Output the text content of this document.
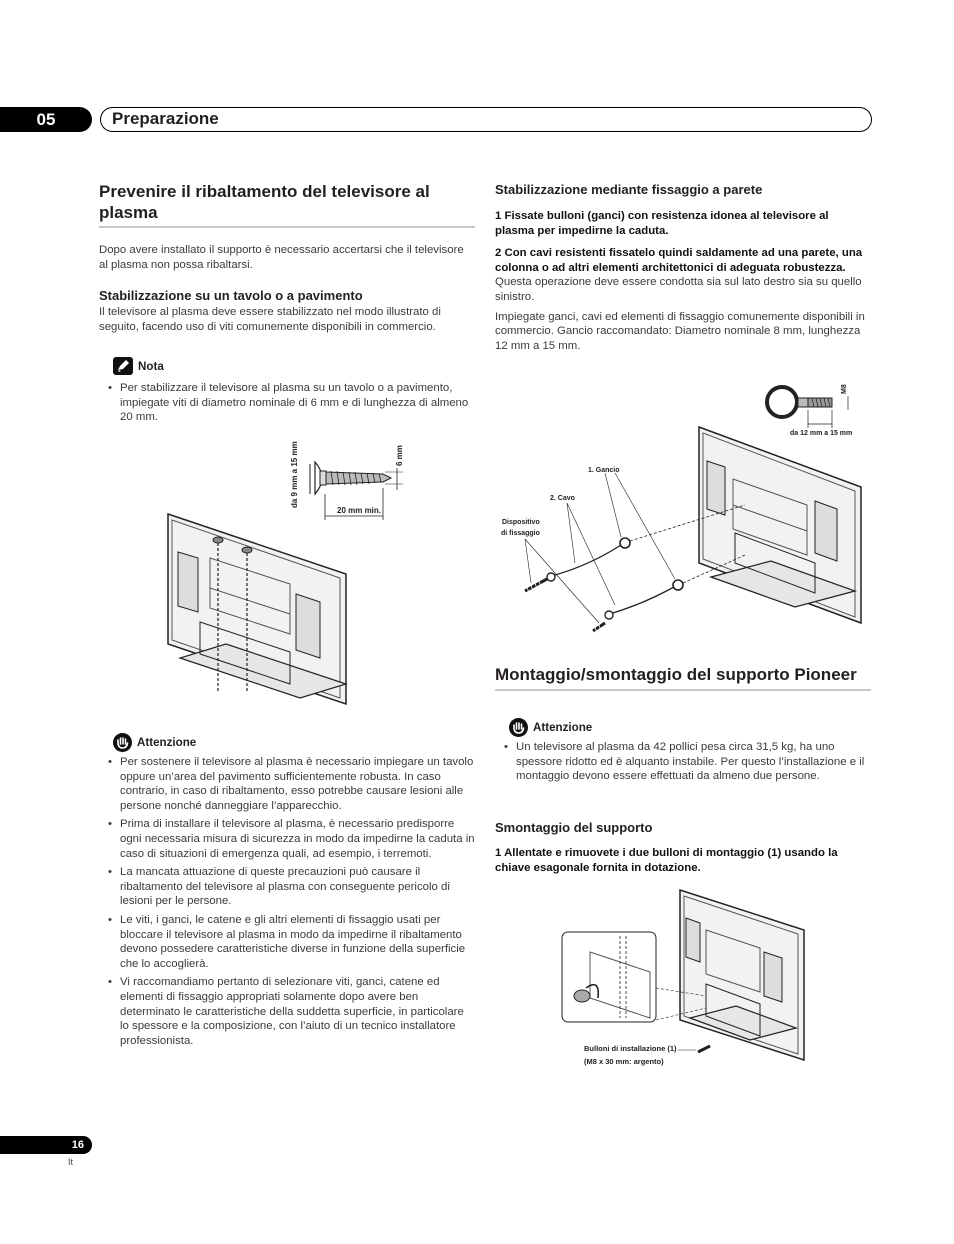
05	Preparazione
Prevenire il ribaltamento del televisore al plasma

Dopo avere installato il supporto è necessario accertarsi che il televisore al plasma non possa ribaltarsi.

Stabilizzazione su un tavolo o a pavimento

Il televisore al plasma deve essere stabilizzato nel modo illustrato di seguito, facendo uso di viti comunemente disponibili in commercio.

Nota
• Per stabilizzare il televisore al plasma su un tavolo o a pavimento, impiegate viti di diametro nominale di 6 mm e di lunghezza di almeno 20 mm.
da 9 mm a 15 mm
20 mm min.
6 mm
Attenzione
• Per sostenere il televisore al plasma è necessario impiegare un tavolo oppure un’area del pavimento sufficientemente robusta. In caso contrario, in caso di ribaltamento, esso potrebbe causare lesioni alle persone nonché danneggiare l’apparecchio.
• Prima di installare il televisore al plasma, è necessario predisporre ogni necessaria misura di sicurezza in modo da impedirne la caduta in caso di situazioni di emergenza quali, ad esempio, i terremoti.
• La mancata attuazione di queste precauzioni può causare il ribaltamento del televisore al plasma con conseguente pericolo di lesioni per le persone.
• Le viti, i ganci, le catene e gli altri elementi di fissaggio usati per bloccare il televisore al plasma in modo da impedirne il ribaltamento devono possedere caratteristiche diverse in funzione della superficie che lo accoglierà.
• Vi raccomandiamo pertanto di selezionare viti, ganci, catene ed elementi di fissaggio appropriati solamente dopo avere ben determinato le caratteristiche della suddetta superficie, in particolare lo spessore e la composizione, con l’aiuto di un tecnico installatore professionista.
Stabilizzazione mediante fissaggio a parete

1 Fissate bulloni (ganci) con resistenza idonea al televisore al plasma per impedirne la caduta.

2 Con cavi resistenti fissatelo quindi saldamente ad una parete, una colonna o ad altri elementi architettonici di adeguata robustezza.

Questa operazione deve essere condotta sia sul lato destro sia su quello sinistro.

Impiegate ganci, cavi ed elementi di fissaggio comunemente disponibili in commercio. Gancio raccomandato: Diametro nominale 8 mm, lunghezza 12 mm a 15 mm.

M8
da 12 mm a 15 mm
1. Gancio
2. Cavo
Dispositivo
di fissaggio
Montaggio/smontaggio del supporto Pioneer
Attenzione
• Un televisore al plasma da 42 pollici pesa circa 31,5 kg, ha uno spessore ridotto ed è alquanto instabile. Per questo l’installazione e il montaggio devono essere effettuati da almeno due persone.
Smontaggio del supporto

1 Allentate e rimuovete i due bulloni di montaggio (1) usando la chiave esagonale fornita in dotazione.

Bulloni di installazione (1)
(M8 x 30 mm: argento)
16
It
